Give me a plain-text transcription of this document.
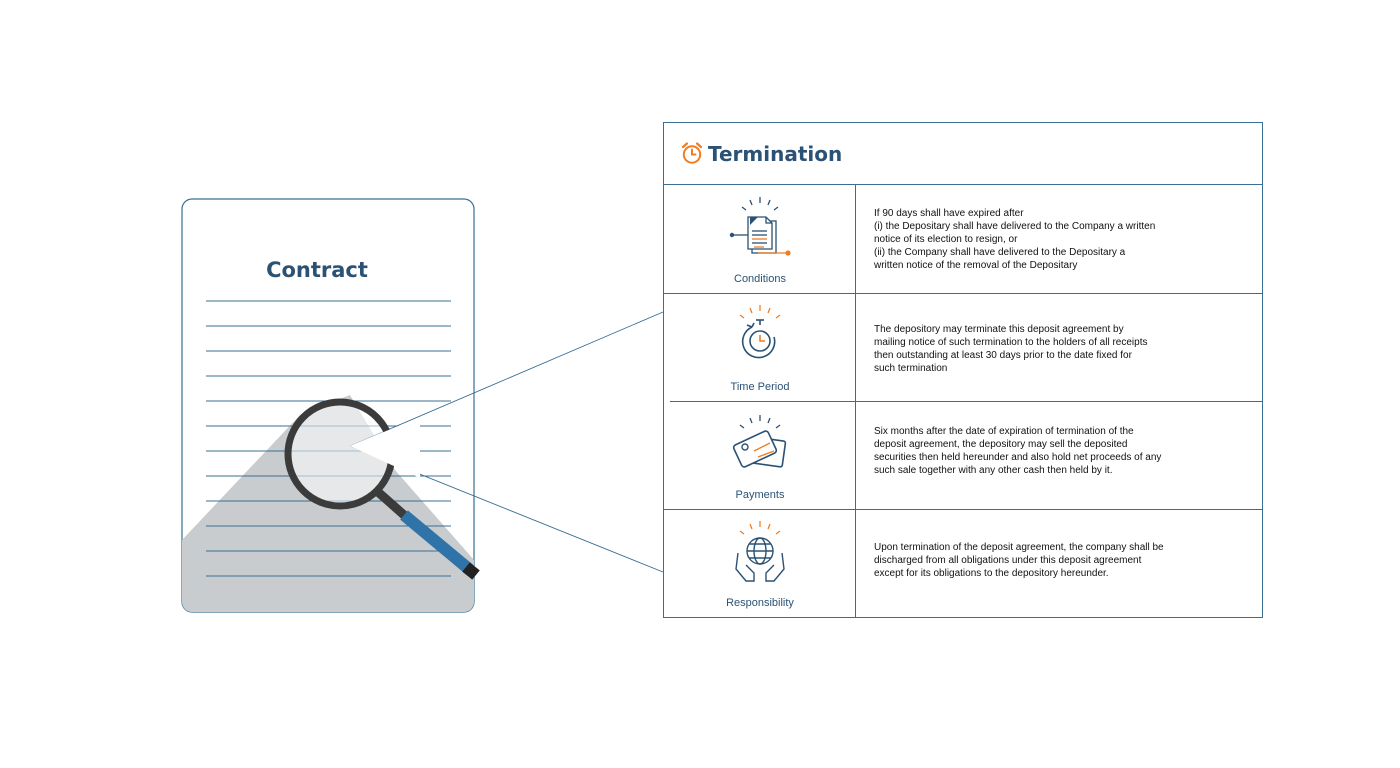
Contract
Termination
Conditions
If 90 days shall have expired after
(i) the Depositary shall have delivered to the Company a written
notice of its election to resign, or
(ii) the Company shall have delivered to the Depositary a
written notice of the removal of the Depositary
Time Period
The depository may terminate this deposit agreement by
mailing notice of such termination to the holders of all receipts
then outstanding at least 30 days prior to the date fixed for
such termination
Payments
Six months after the date of expiration of termination of the
deposit agreement, the depository may sell the deposited
securities then held hereunder and also hold net proceeds of any
such sale together with any other cash then held by it.
Responsibility
Upon termination of the deposit agreement, the company shall be
discharged from all obligations under this deposit agreement
except for its obligations to the depository hereunder.
